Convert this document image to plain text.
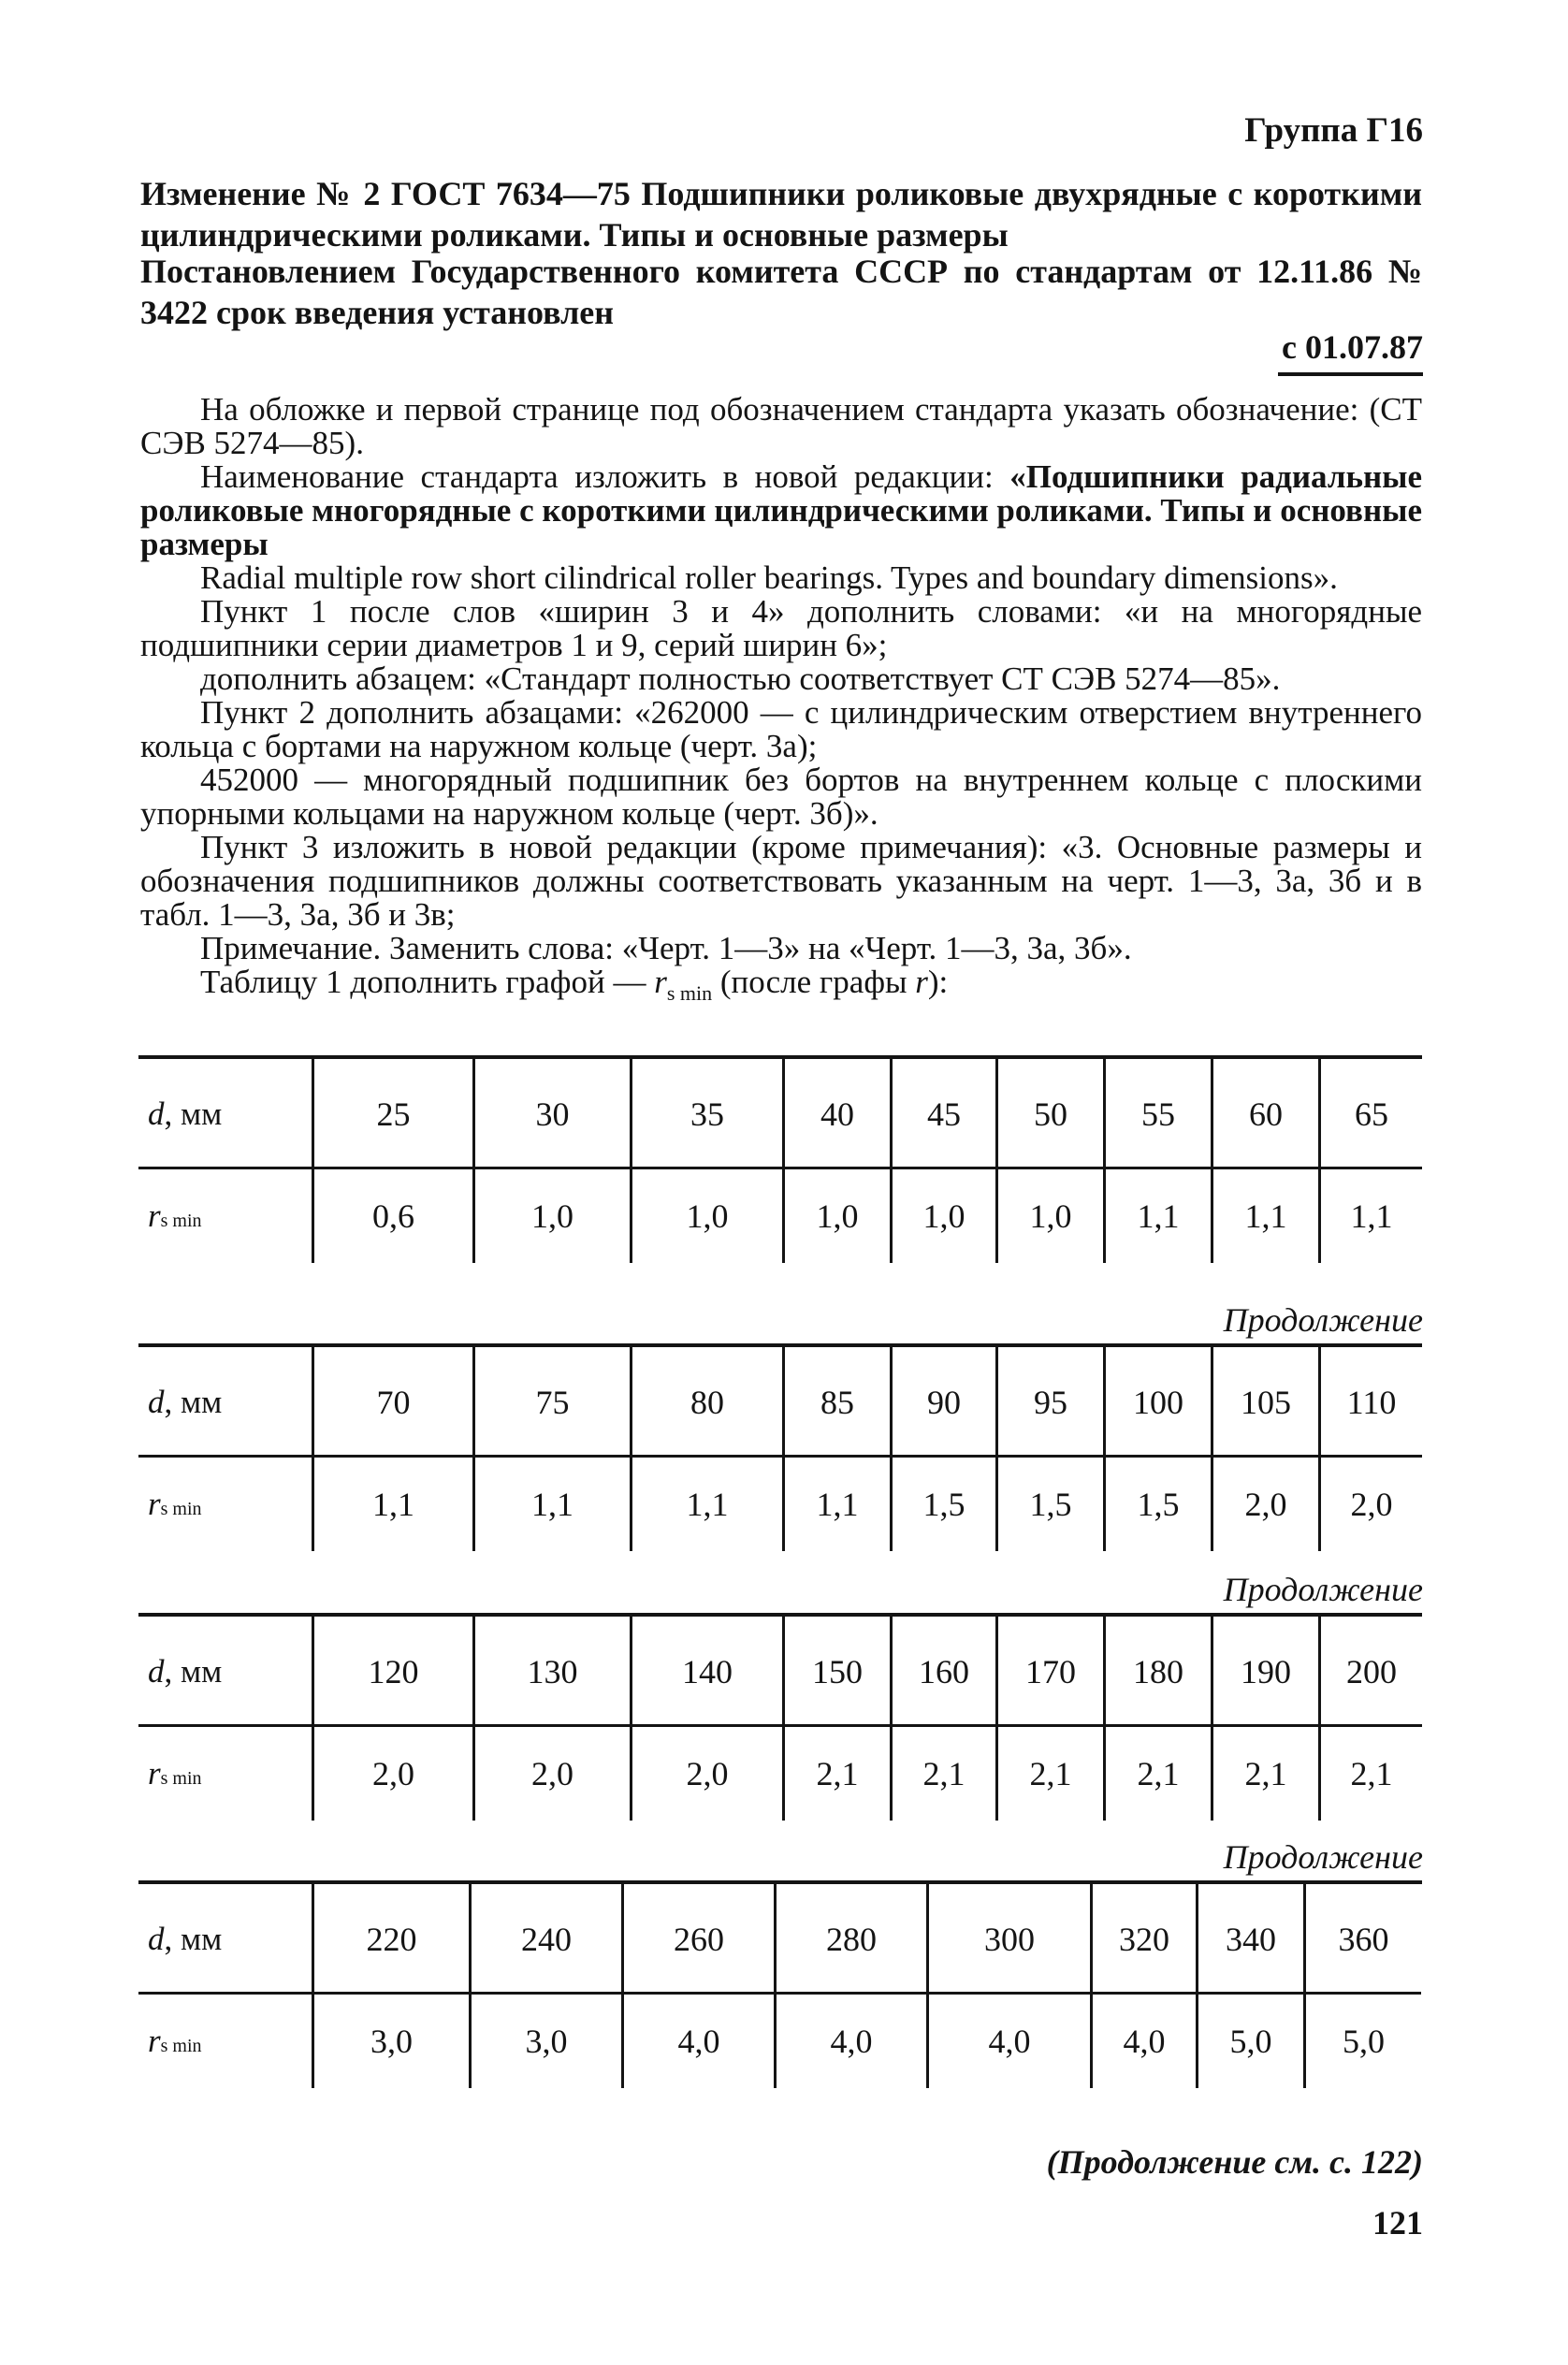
Группа Г16
Изменение № 2 ГОСТ 7634—75 Подшипники роликовые двухрядные с короткими цилиндрическими роликами. Типы и основные размеры
Постановлением Государственного комитета СССР по стандартам от 12.11.86 № 3422 срок введения установлен
с 01.07.87

На обложке и первой странице под обозначением стандарта указать обозначение: (СТ СЭВ 5274—85).

Наименование стандарта изложить в новой редакции: «Подшипники радиальные роликовые многорядные с короткими цилиндрическими роликами. Типы и основные размеры

Radial multiple row short cilindrical roller bearings. Types and boundary dimensions».

Пункт 1 после слов «ширин 3 и 4» дополнить словами: «и на многорядные подшипники серии диаметров 1 и 9, серий ширин 6»;

дополнить абзацем: «Стандарт полностью соответствует СТ СЭВ 5274—85».

Пункт 2 дополнить абзацами: «262000 — с цилиндрическим отверстием внутреннего кольца с бортами на наружном кольце (черт. 3а);

452000 — многорядный подшипник без бортов на внутреннем кольце с плоскими упорными кольцами на наружном кольце (черт. 3б)».

Пункт 3 изложить в новой редакции (кроме примечания): «3. Основные размеры и обозначения подшипников должны соответствовать указанным на черт. 1—3, 3а, 3б и в табл. 1—3, 3а, 3б и 3в;

Примечание. Заменить слова: «Черт. 1—3» на «Черт. 1—3, 3а, 3б».

Таблицу 1 дополнить графой — $r_{s min}$ (после графы r):

d, мм	25	30	35	40	45	50	55	60	65
rs min	0,6	1,0	1,0	1,0	1,0	1,0	1,1	1,1	1,1
d, мм	70	75	80	85	90	95	100	105	110
rs min	1,1	1,1	1,1	1,1	1,5	1,5	1,5	2,0	2,0
d, мм	120	130	140	150	160	170	180	190	200
rs min	2,0	2,0	2,0	2,1	2,1	2,1	2,1	2,1	2,1
d, мм	220	240	260	280	300	320	340	360
rs min	3,0	3,0	4,0	4,0	4,0	4,0	5,0	5,0
Продолжение
Продолжение
Продолжение
(Продолжение см. с. 122)
121
